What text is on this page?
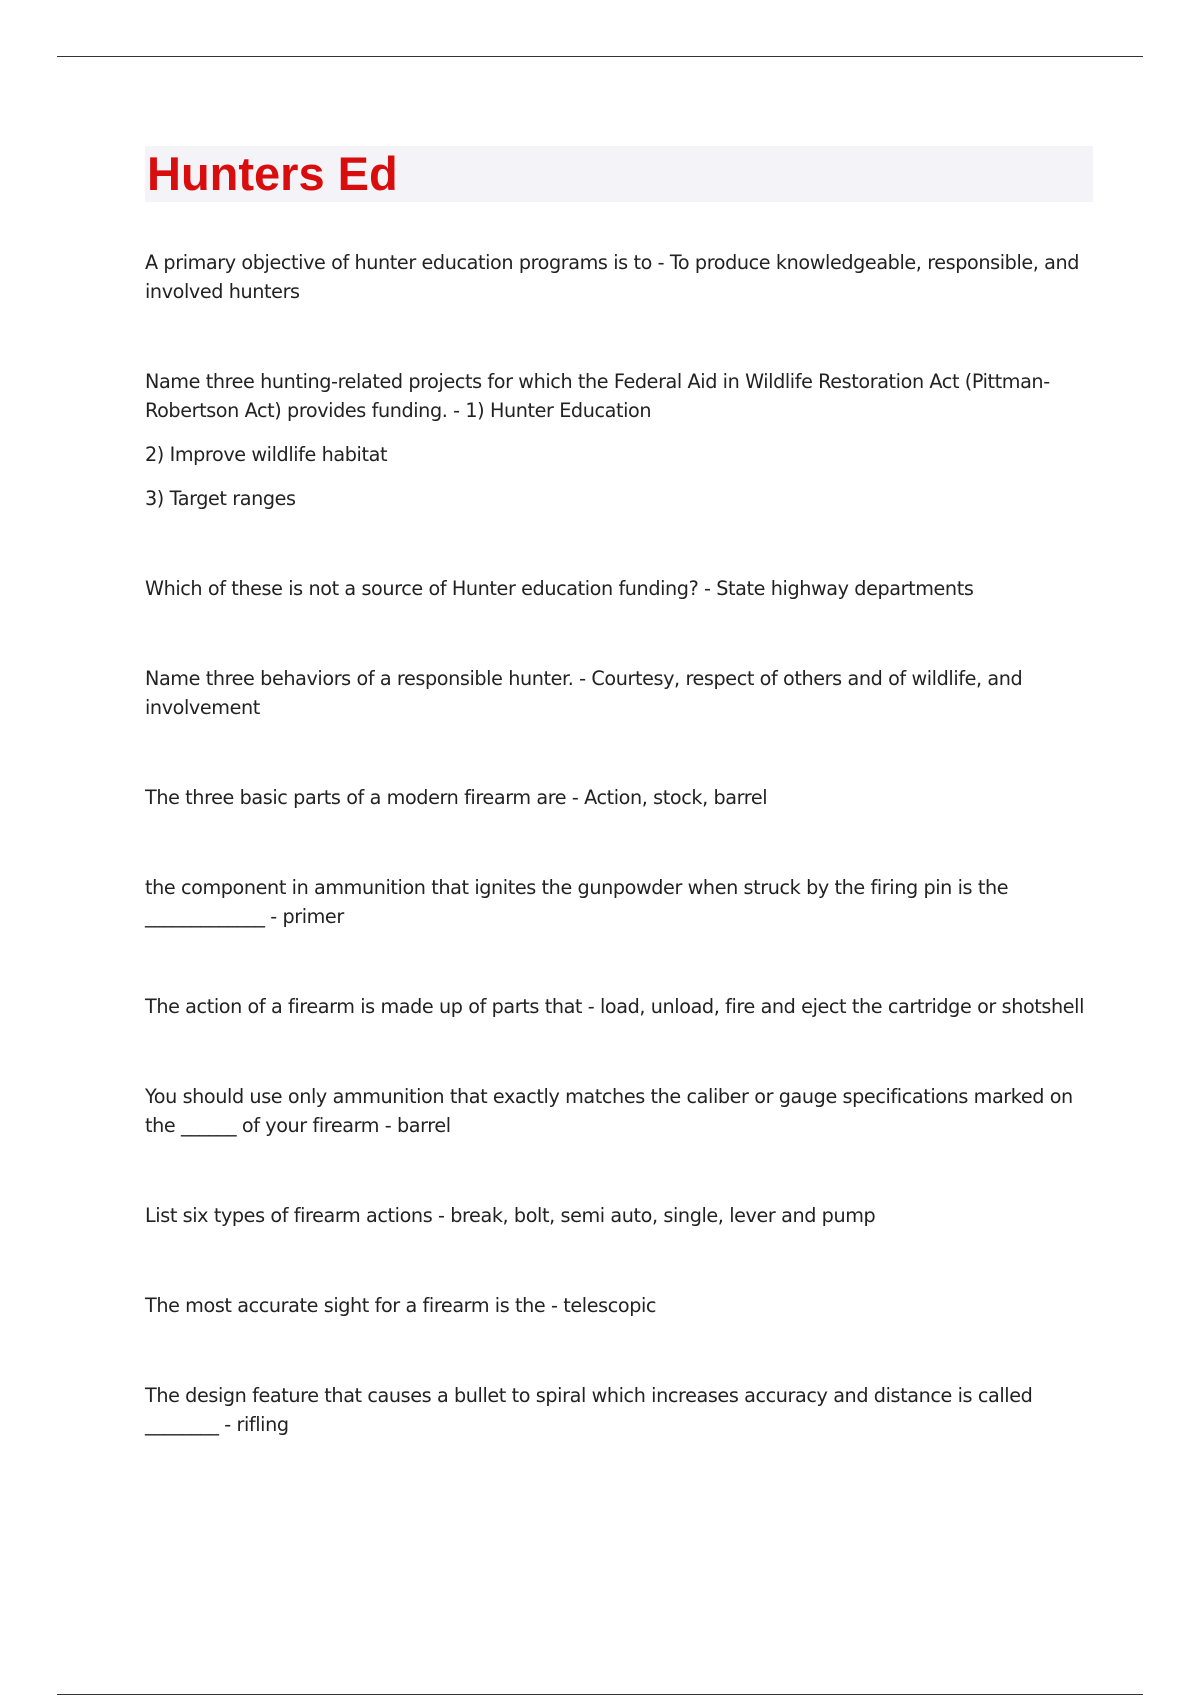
Hunters Ed

A primary objective of hunter education programs is to - To produce knowledgeable, responsible, and involved hunters

Name three hunting-related projects for which the Federal Aid in Wildlife Restoration Act (Pittman-Robertson Act) provides funding. - 1) Hunter Education

2) Improve wildlife habitat

3) Target ranges

Which of these is not a source of Hunter education funding? - State highway departments

Name three behaviors of a responsible hunter. - Courtesy, respect of others and of wildlife, and involvement

The three basic parts of a modern firearm are - Action, stock, barrel

the component in ammunition that ignites the gunpowder when struck by the firing pin is the _____________ - primer

The action of a firearm is made up of parts that - load, unload, fire and eject the cartridge or shotshell

You should use only ammunition that exactly matches the caliber or gauge specifications marked on the ______ of your firearm - barrel

List six types of firearm actions - break, bolt, semi auto, single, lever and pump

The most accurate sight for a firearm is the - telescopic

The design feature that causes a bullet to spiral which increases accuracy and distance is called ________ - rifling
